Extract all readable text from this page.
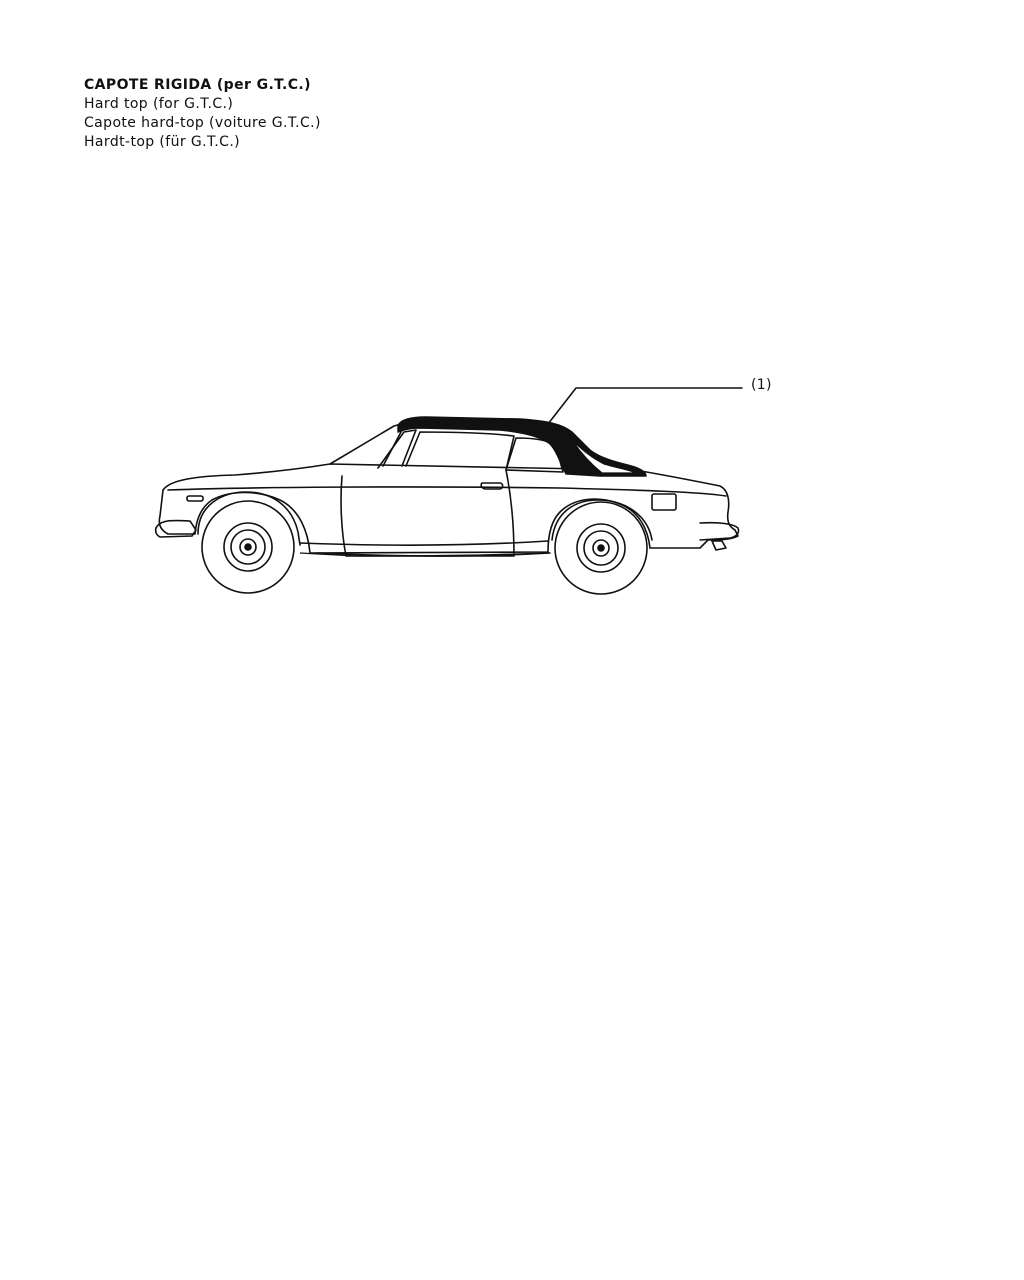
CAPOTE RIGIDA (per G.T.C.)
Hard top (for G.T.C.)
Capote hard-top (voiture G.T.C.)
Hardt-top (für G.T.C.)
(1)
